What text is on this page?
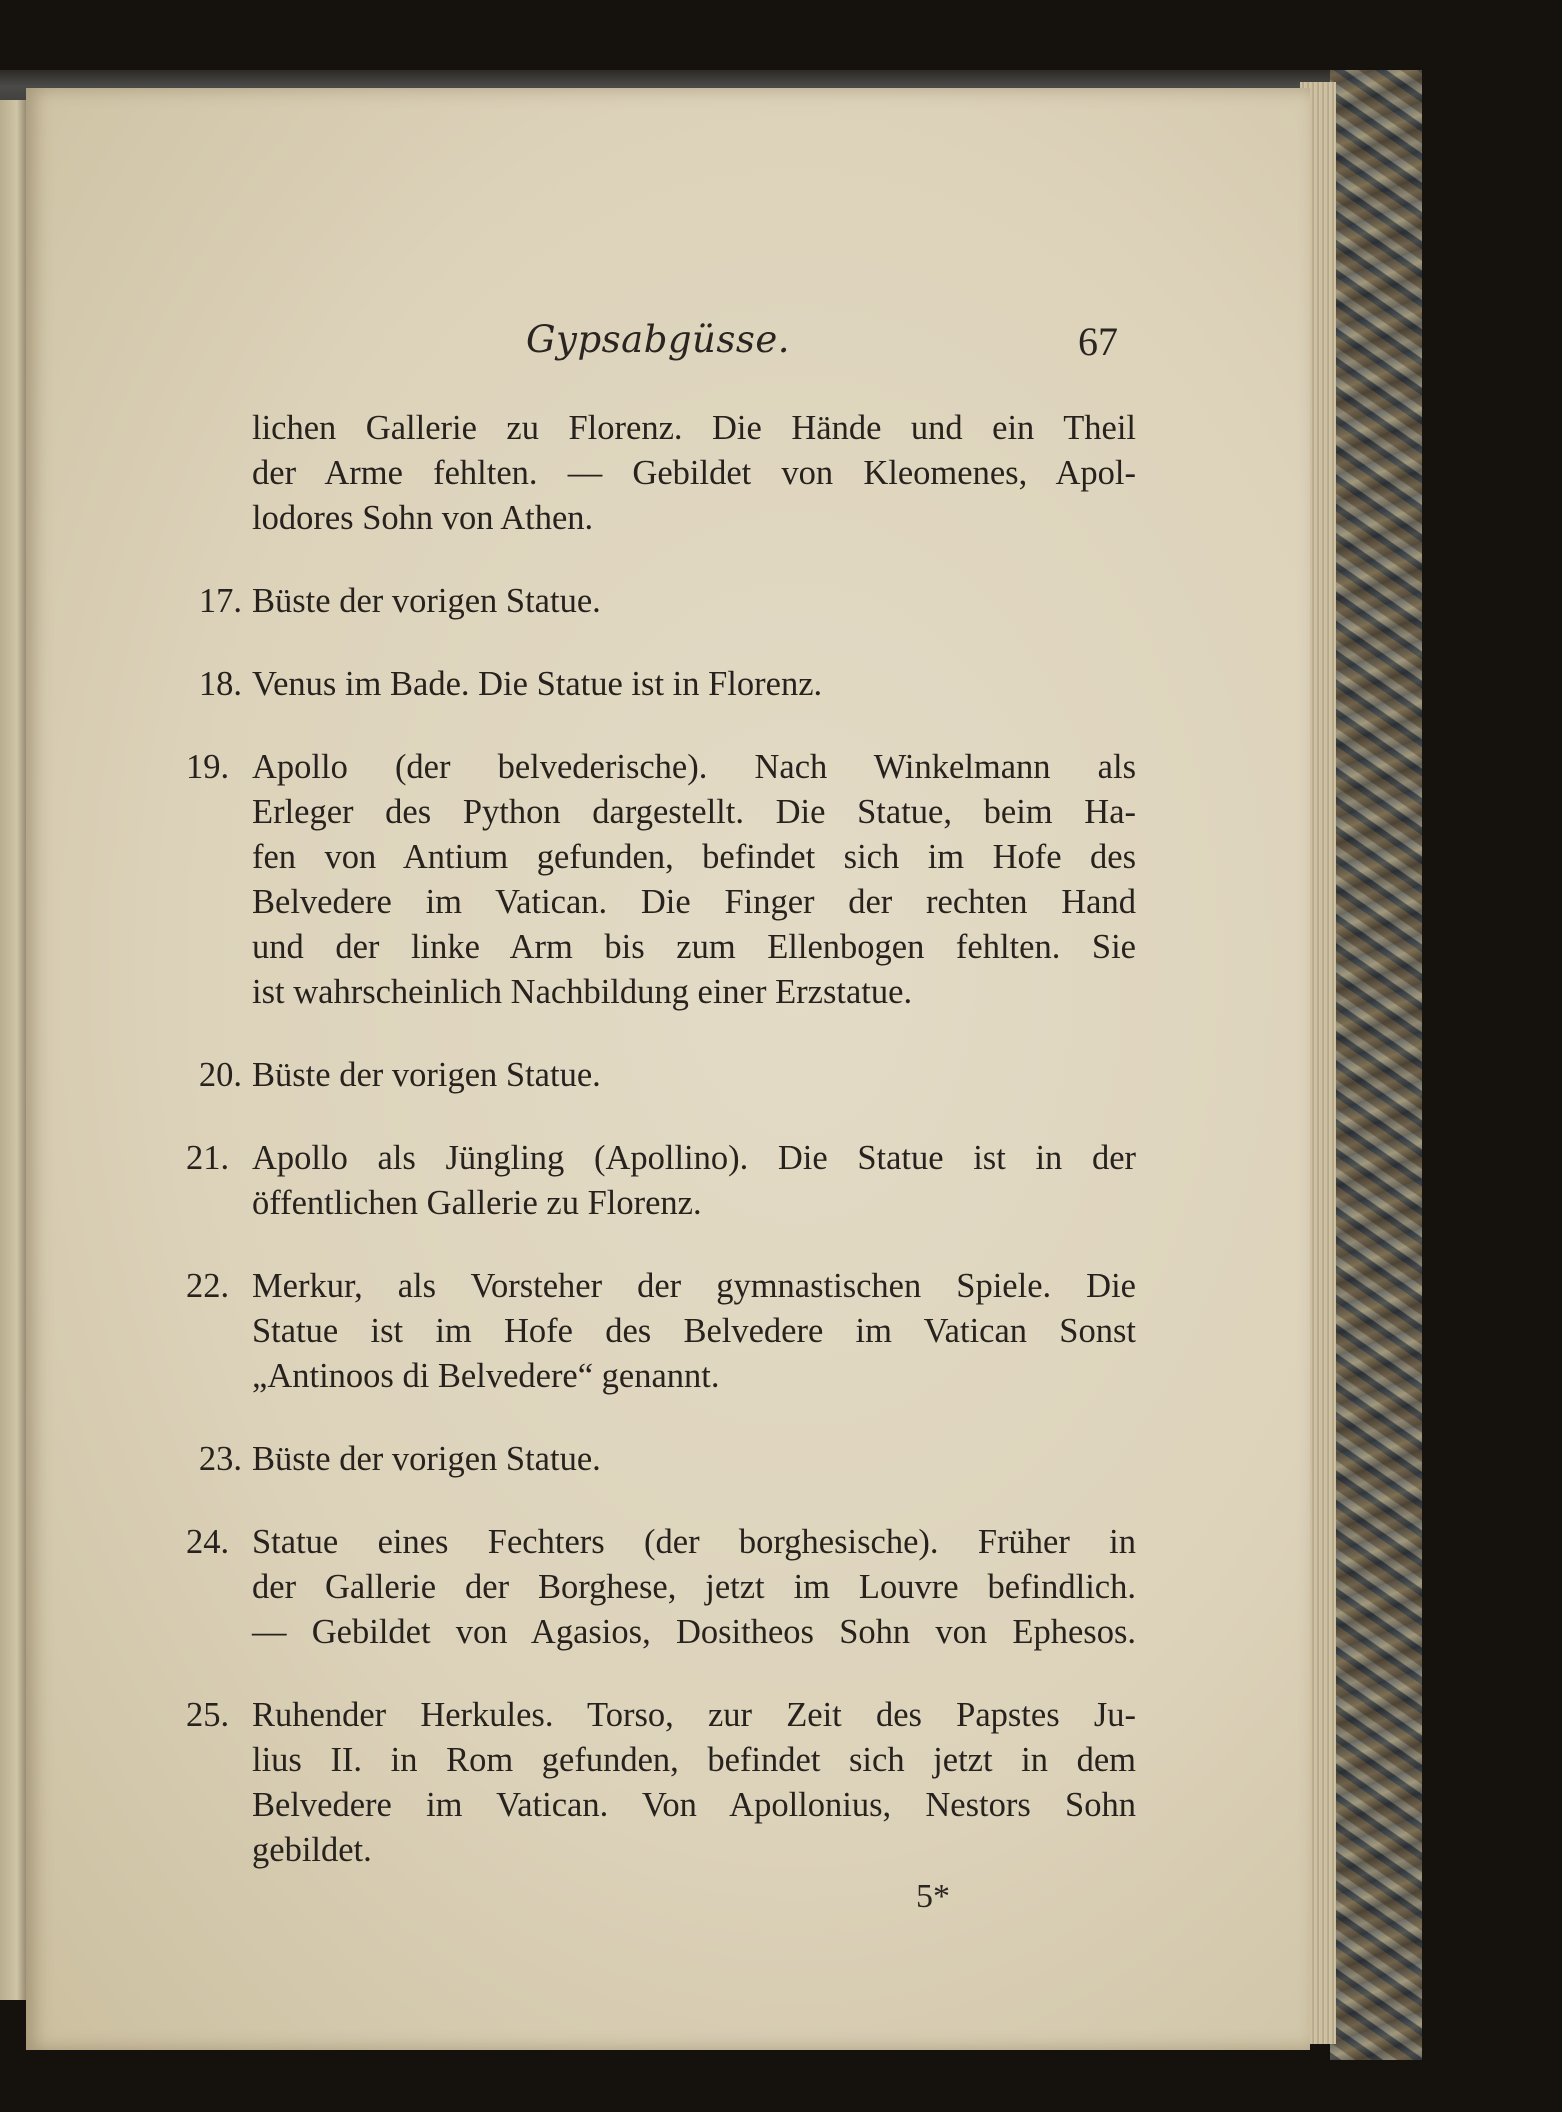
Gypsabgüsse.	67
lichen Gallerie zu Florenz. Die Hände und ein Theil
der Arme fehlten. — Gebildet von Kleomenes, Apol-
lodores Sohn von Athen.
17. Büste der vorigen Statue.
18. Venus im Bade. Die Statue ist in Florenz.
19. Apollo (der belvederische). Nach Winkelmann als
Erleger des Python dargestellt. Die Statue, beim Ha-
fen von Antium gefunden, befindet sich im Hofe des
Belvedere im Vatican. Die Finger der rechten Hand
und der linke Arm bis zum Ellenbogen fehlten. Sie
ist wahrscheinlich Nachbildung einer Erzstatue.
20. Büste der vorigen Statue.
21. Apollo als Jüngling (Apollino). Die Statue ist in der
öffentlichen Gallerie zu Florenz.
22. Merkur, als Vorsteher der gymnastischen Spiele. Die
Statue ist im Hofe des Belvedere im Vatican Sonst
„Antinoos di Belvedere“ genannt.
23. Büste der vorigen Statue.
24. Statue eines Fechters (der borghesische). Früher in
der Gallerie der Borghese, jetzt im Louvre befindlich.
— Gebildet von Agasios, Dositheos Sohn von Ephesos.
25. Ruhender Herkules. Torso, zur Zeit des Papstes Ju-
lius II. in Rom gefunden, befindet sich jetzt in dem
Belvedere im Vatican. Von Apollonius, Nestors Sohn
gebildet.
5*
